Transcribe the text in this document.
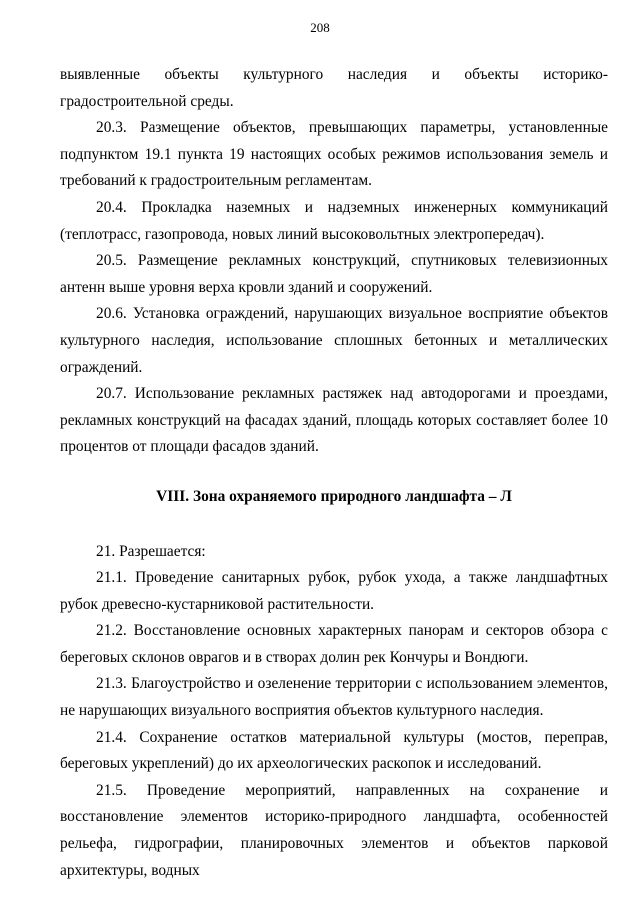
208

выявленные объекты культурного наследия и объекты историко-градостроительной среды.

20.3. Размещение объектов, превышающих параметры, установленные подпунктом 19.1 пункта 19 настоящих особых режимов использования земель и требований к градостроительным регламентам.

20.4. Прокладка наземных и надземных инженерных коммуникаций (теплотрасс, газопровода, новых линий высоковольтных электропередач).

20.5. Размещение рекламных конструкций, спутниковых телевизионных антенн выше уровня верха кровли зданий и сооружений.

20.6. Установка ограждений, нарушающих визуальное восприятие объектов культурного наследия, использование сплошных бетонных и металлических ограждений.

20.7. Использование рекламных растяжек над автодорогами и проездами, рекламных конструкций на фасадах зданий, площадь которых составляет более 10 процентов от площади фасадов зданий.

VIII. Зона охраняемого природного ландшафта – Л

21. Разрешается:

21.1. Проведение санитарных рубок, рубок ухода, а также ландшафтных рубок древесно-кустарниковой растительности.

21.2. Восстановление основных характерных панорам и секторов обзора с береговых склонов оврагов и в створах долин рек Кончуры и Вондюги.

21.3. Благоустройство и озеленение территории с использованием элементов, не нарушающих визуального восприятия объектов культурного наследия.

21.4. Сохранение остатков материальной культуры (мостов, переправ, береговых укреплений) до их археологических раскопок и исследований.

21.5. Проведение мероприятий, направленных на сохранение и восстановление элементов историко-природного ландшафта, особенностей рельефа, гидрографии, планировочных элементов и объектов парковой архитектуры, водных
